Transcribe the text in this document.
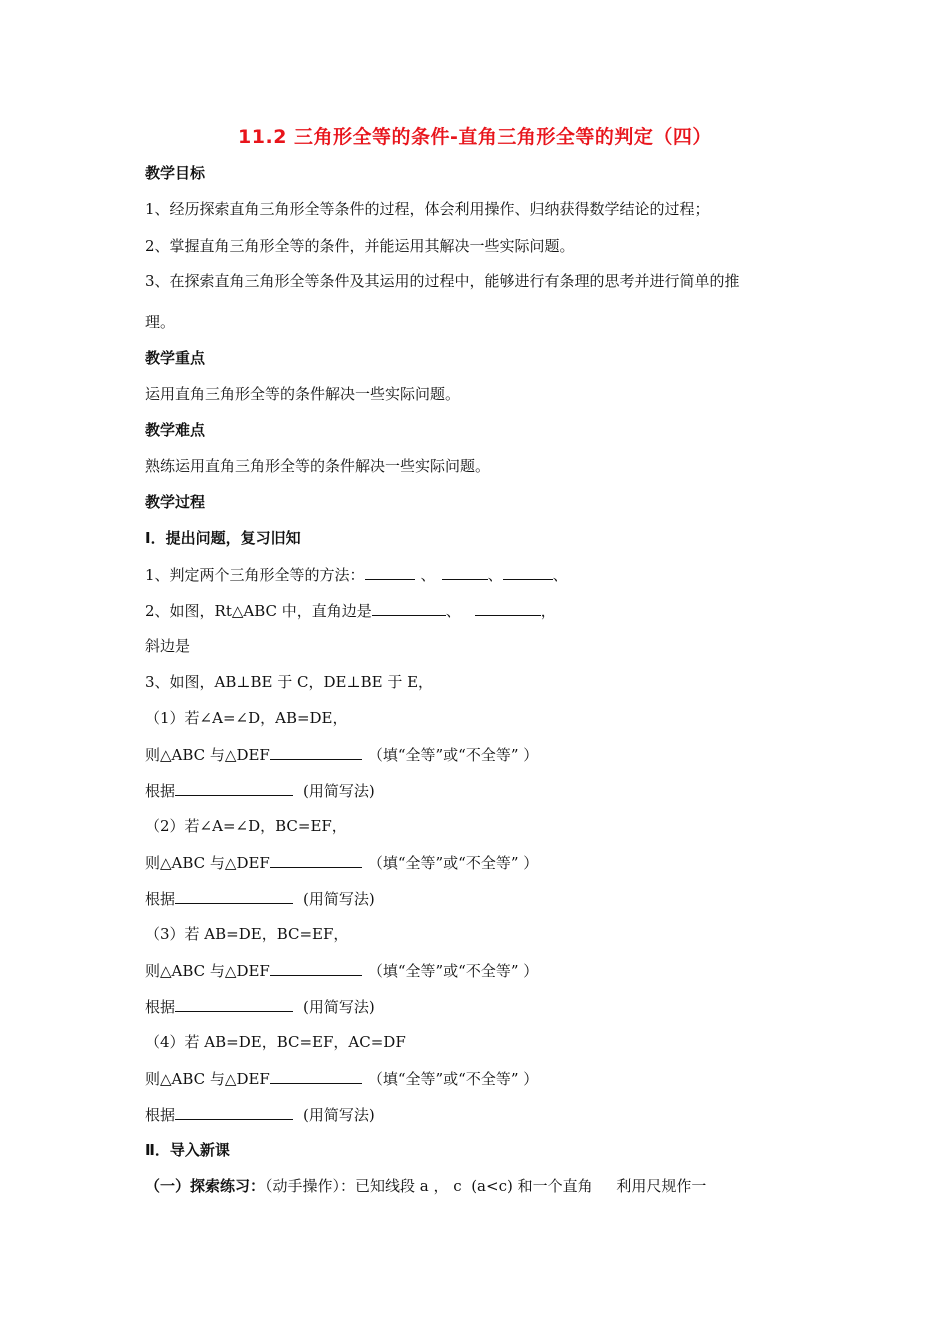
11.2 三角形全等的条件-直角三角形全等的判定（四）
教学目标
1、经历探索直角三角形全等条件的过程，体会利用操作、归纳获得数学结论的过程；
2、掌握直角三角形全等的条件，并能运用其解决一些实际问题。
3、在探索直角三角形全等条件及其运用的过程中，能够进行有条理的思考并进行简单的推
理。
教学重点
运用直角三角形全等的条件解决一些实际问题。
教学难点
熟练运用直角三角形全等的条件解决一些实际问题。
教学过程
Ⅰ．提出问题，复习旧知
1、判定两个三角形全等的方法：	、	、	、
2、如图，Rt△ABC 中，直角边是	、	，
斜边是
3、如图，AB⊥BE 于 C，DE⊥BE 于 E，
（1）若∠A=∠D，AB=DE，
则△ABC 与△DEF	（填“全等”或“不全等” ）
根据	(用简写法)
（2）若∠A=∠D，BC=EF，
则△ABC 与△DEF	（填“全等”或“不全等” ）
根据	(用简写法)
（3）若 AB=DE，BC=EF，
则△ABC 与△DEF	（填“全等”或“不全等” ）
根据	(用简写法)
（4）若 AB=DE，BC=EF，AC=DF
则△ABC 与△DEF	（填“全等”或“不全等” ）
根据	(用简写法)
Ⅱ．导入新课
（一）探索练习：（动手操作）：已知线段 a ， c  (a<c) 和一个直角     利用尺规作一
